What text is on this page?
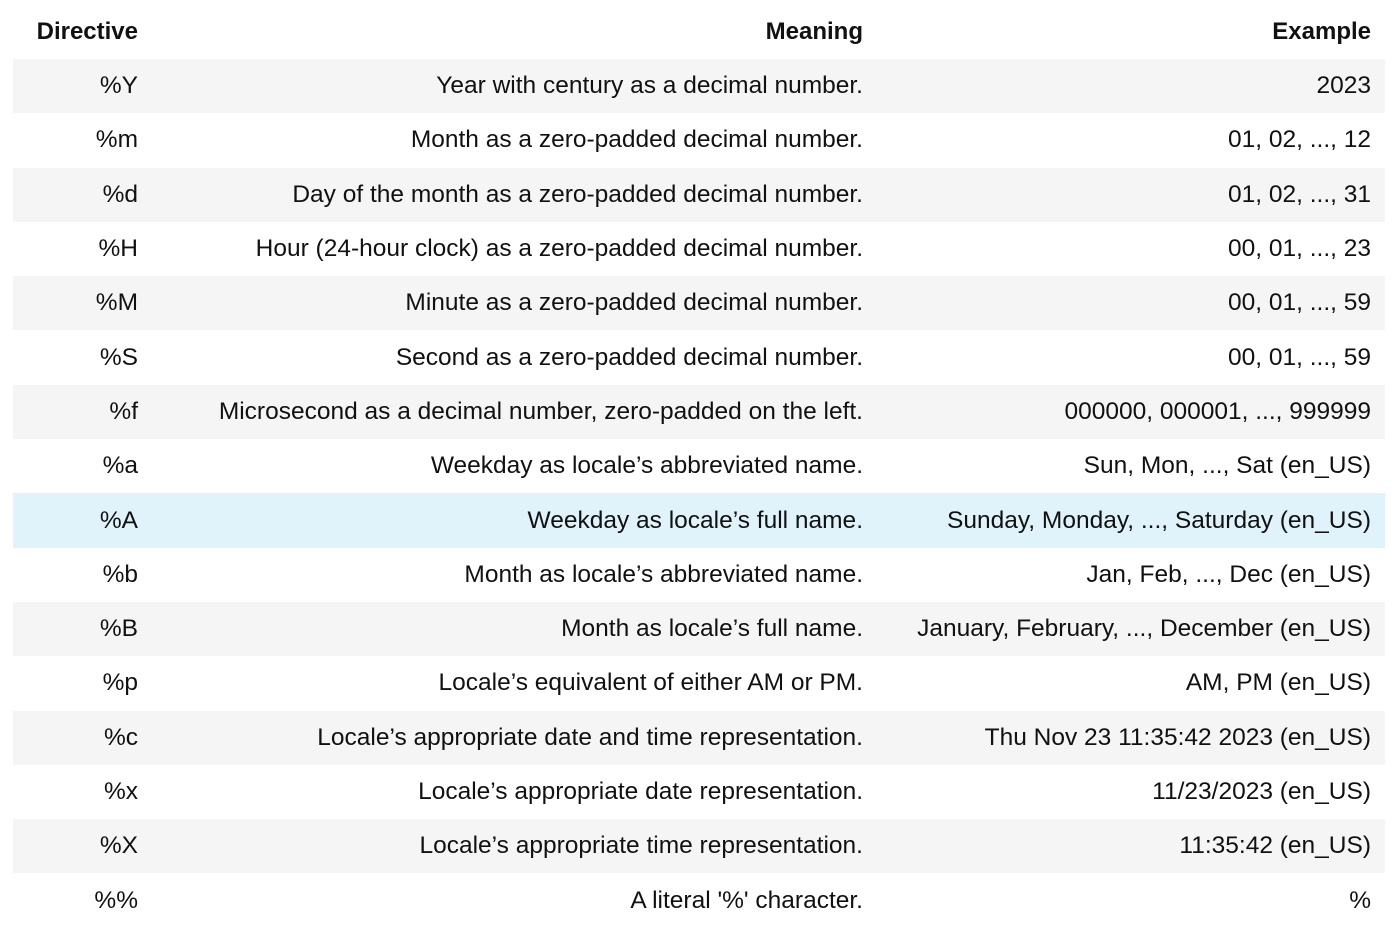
Directive	Meaning	Example
%Y	Year with century as a decimal number.	2023
%m	Month as a zero-padded decimal number.	01, 02, ..., 12
%d	Day of the month as a zero-padded decimal number.	01, 02, ..., 31
%H	Hour (24-hour clock) as a zero-padded decimal number.	00, 01, ..., 23
%M	Minute as a zero-padded decimal number.	00, 01, ..., 59
%S	Second as a zero-padded decimal number.	00, 01, ..., 59
%f	Microsecond as a decimal number, zero-padded on the left.	000000, 000001, ..., 999999
%a	Weekday as locale’s abbreviated name.	Sun, Mon, ..., Sat (en_US)
%A	Weekday as locale’s full name.	Sunday, Monday, ..., Saturday (en_US)
%b	Month as locale’s abbreviated name.	Jan, Feb, ..., Dec (en_US)
%B	Month as locale’s full name.	January, February, ..., December (en_US)
%p	Locale’s equivalent of either AM or PM.	AM, PM (en_US)
%c	Locale’s appropriate date and time representation.	Thu Nov 23 11:35:42 2023 (en_US)
%x	Locale’s appropriate date representation.	11/23/2023 (en_US)
%X	Locale’s appropriate time representation.	11:35:42 (en_US)
%%	A literal '%' character.	%
